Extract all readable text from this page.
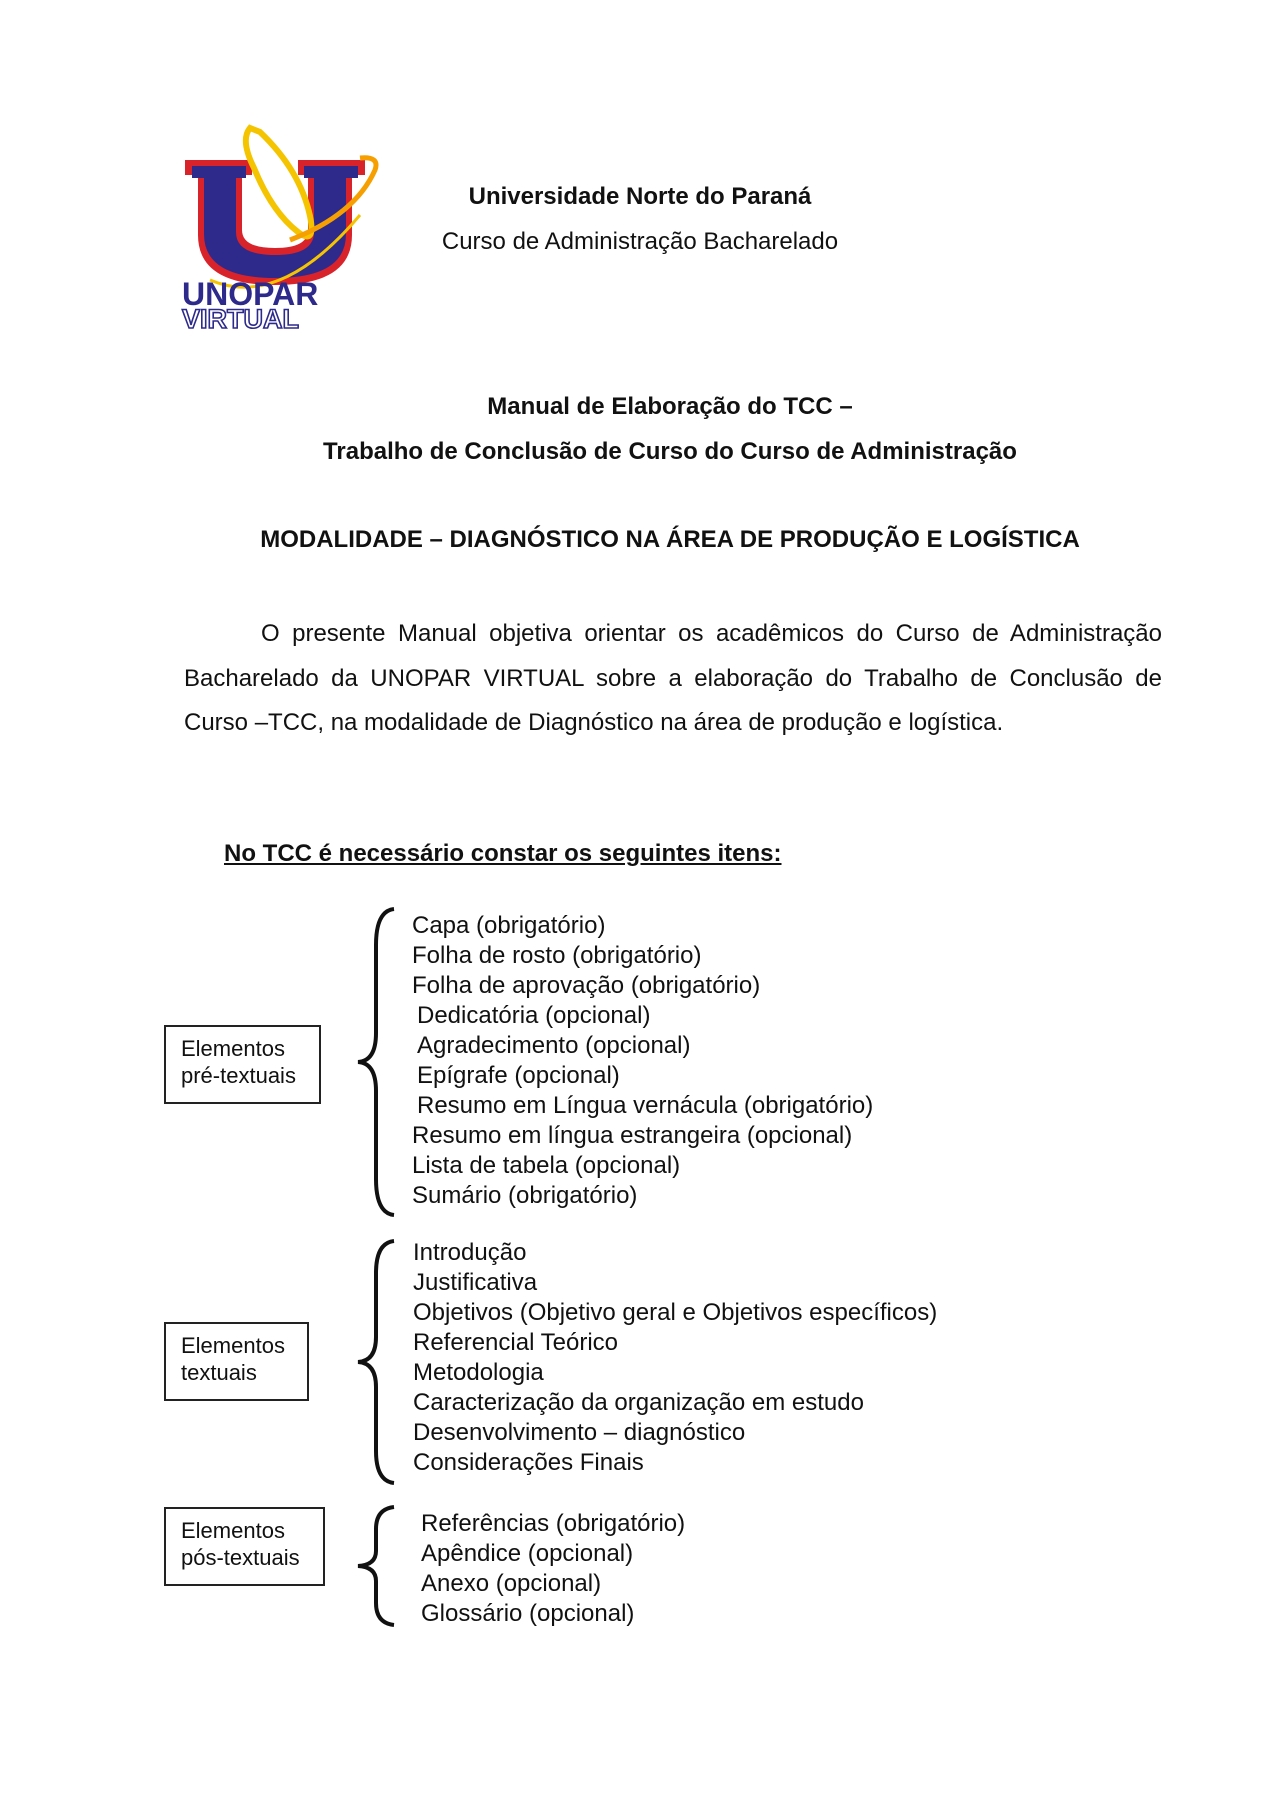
UNOPAR
VIRTUAL
Universidade Norte do Paraná
Curso de Administração Bacharelado
Manual de Elaboração do TCC –
Trabalho de Conclusão de Curso do Curso de Administração
MODALIDADE – DIAGNÓSTICO NA ÁREA DE PRODUÇÃO E LOGÍSTICA
O presente Manual objetiva orientar os acadêmicos do Curso de Administração Bacharelado da UNOPAR VIRTUAL sobre a elaboração do Trabalho de Conclusão de Curso –TCC, na modalidade de Diagnóstico na área de produção e logística.
No TCC é necessário constar os seguintes itens:
Elementos
pré-textuais
Capa (obrigatório)
Folha de rosto (obrigatório)
Folha de aprovação (obrigatório)
Dedicatória (opcional)
Agradecimento (opcional)
Epígrafe (opcional)
Resumo em Língua vernácula (obrigatório)
Resumo em língua estrangeira (opcional)
Lista de tabela (opcional)
Sumário (obrigatório)
Elementos
textuais
Introdução
Justificativa
Objetivos (Objetivo geral e Objetivos específicos)
Referencial Teórico
Metodologia
Caracterização da organização em estudo
Desenvolvimento – diagnóstico
Considerações Finais
Elementos
pós-textuais
Referências (obrigatório)
Apêndice (opcional)
Anexo (opcional)
Glossário (opcional)
